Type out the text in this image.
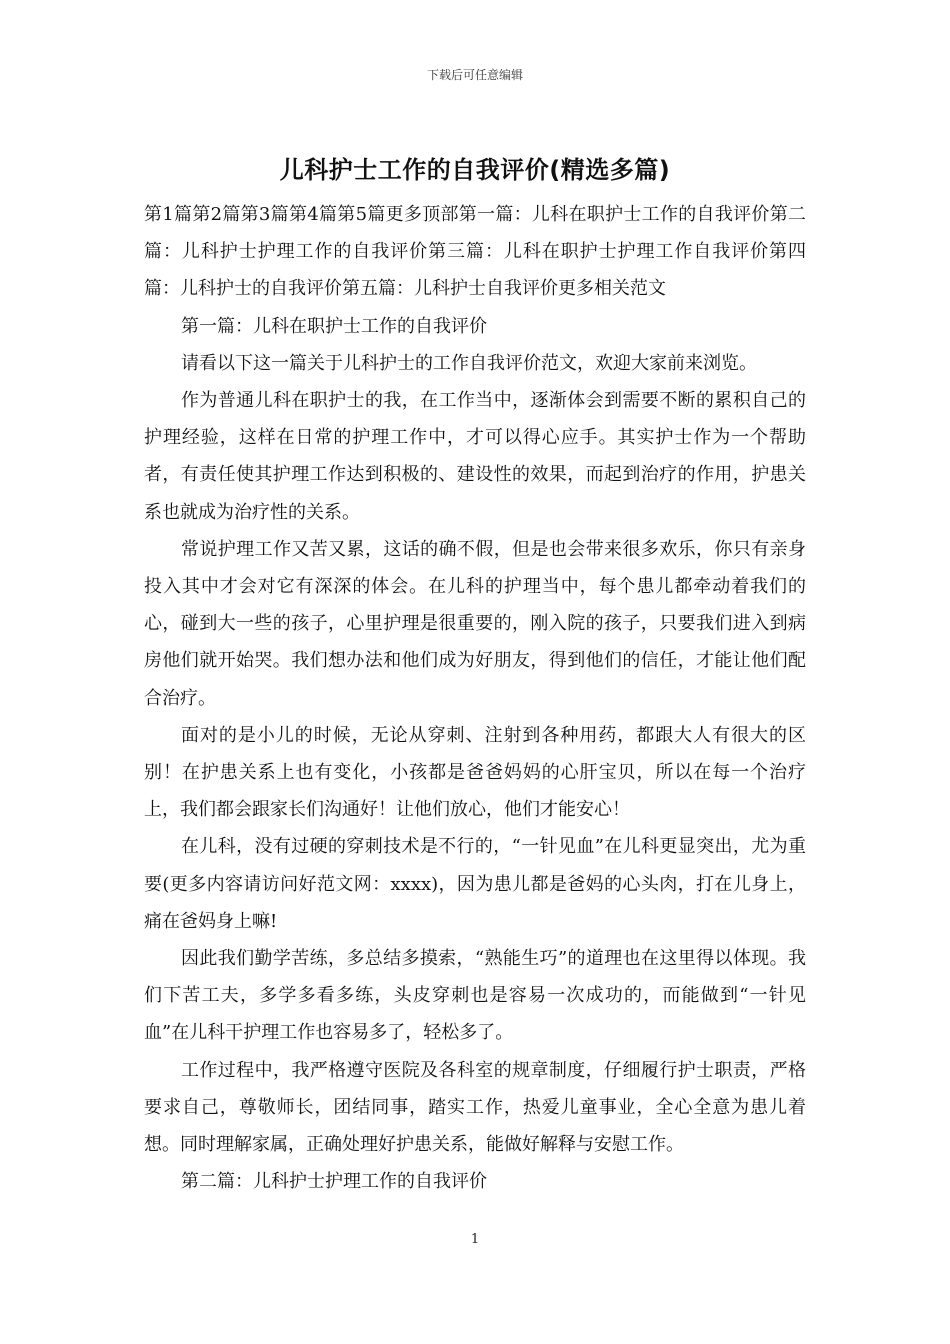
下载后可任意编辑
儿科护士工作的自我评价(精选多篇)

第1篇第2篇第3篇第4篇第5篇更多顶部第一篇：儿科在职护士工作的自我评价第二篇：儿科护士护理工作的自我评价第三篇：儿科在职护士护理工作自我评价第四篇：儿科护士的自我评价第五篇：儿科护士自我评价更多相关范文

第一篇：儿科在职护士工作的自我评价

请看以下这一篇关于儿科护士的工作自我评价范文，欢迎大家前来浏览。

作为普通儿科在职护士的我，在工作当中，逐渐体会到需要不断的累积自己的护理经验，这样在日常的护理工作中，才可以得心应手。其实护士作为一个帮助者，有责任使其护理工作达到积极的、建设性的效果，而起到治疗的作用，护患关系也就成为治疗性的关系。

常说护理工作又苦又累，这话的确不假，但是也会带来很多欢乐，你只有亲身投入其中才会对它有深深的体会。在儿科的护理当中，每个患儿都牵动着我们的心，碰到大一些的孩子，心里护理是很重要的，刚入院的孩子，只要我们进入到病房他们就开始哭。我们想办法和他们成为好朋友，得到他们的信任，才能让他们配合治疗。

面对的是小儿的时候，无论从穿刺、注射到各种用药，都跟大人有很大的区别！在护患关系上也有变化，小孩都是爸爸妈妈的心肝宝贝，所以在每一个治疗上，我们都会跟家长们沟通好！让他们放心，他们才能安心！

在儿科，没有过硬的穿刺技术是不行的，“一针见血”在儿科更显突出，尤为重要(更多内容请访问好范文网：xxxx)，因为患儿都是爸妈的心头肉，打在儿身上，痛在爸妈身上嘛!

因此我们勤学苦练，多总结多摸索，“熟能生巧”的道理也在这里得以体现。我们下苦工夫，多学多看多练，头皮穿刺也是容易一次成功的，而能做到“一针见血”在儿科干护理工作也容易多了，轻松多了。

工作过程中，我严格遵守医院及各科室的规章制度，仔细履行护士职责，严格要求自己，尊敬师长，团结同事，踏实工作，热爱儿童事业，全心全意为患儿着想。同时理解家属，正确处理好护患关系，能做好解释与安慰工作。

第二篇：儿科护士护理工作的自我评价

1
